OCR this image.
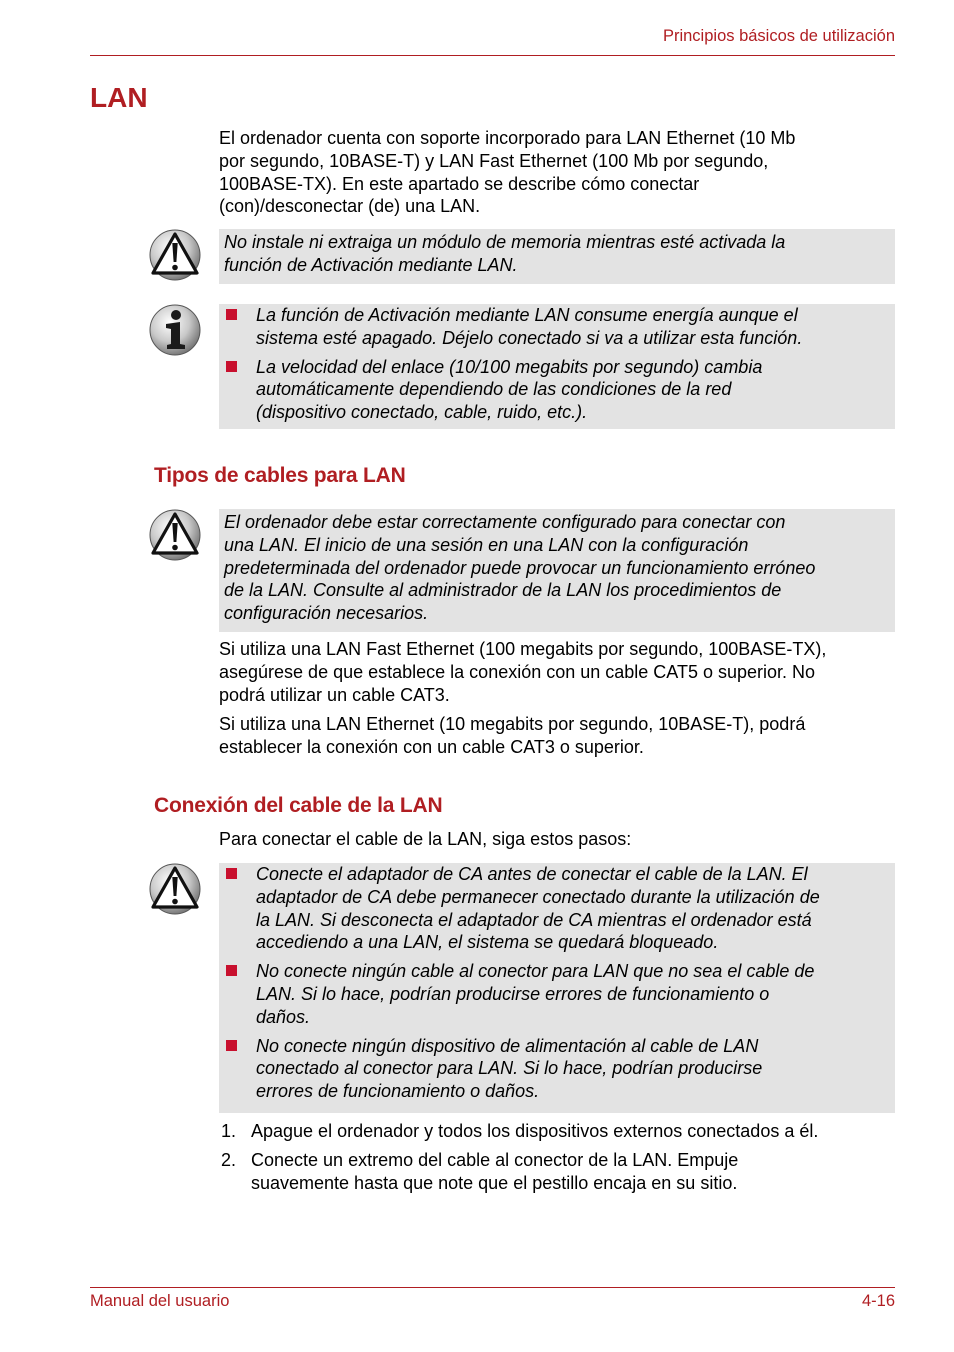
Principios básicos de utilización
LAN

El ordenador cuenta con soporte incorporado para LAN Ethernet (10 Mb
por segundo, 10BASE-T) y LAN Fast Ethernet (100 Mb por segundo,
100BASE-TX). En este apartado se describe cómo conectar
(con)/desconectar (de) una LAN.

No instale ni extraiga un módulo de memoria mientras esté activada la
función de Activación mediante LAN.
La función de Activación mediante LAN consume energía aunque el
sistema esté apagado. Déjelo conectado si va a utilizar esta función.
La velocidad del enlace (10/100 megabits por segundo) cambia
automáticamente dependiendo de las condiciones de la red
(dispositivo conectado, cable, ruido, etc.).
Tipos de cables para LAN
El ordenador debe estar correctamente configurado para conectar con
una LAN. El inicio de una sesión en una LAN con la configuración
predeterminada del ordenador puede provocar un funcionamiento erróneo
de la LAN. Consulte al administrador de la LAN los procedimientos de
configuración necesarios.

Si utiliza una LAN Fast Ethernet (100 megabits por segundo, 100BASE-TX),
asegúrese de que establece la conexión con un cable CAT5 o superior. No
podrá utilizar un cable CAT3.

Si utiliza una LAN Ethernet (10 megabits por segundo, 10BASE-T), podrá
establecer la conexión con un cable CAT3 o superior.

Conexión del cable de la LAN

Para conectar el cable de la LAN, siga estos pasos:

Conecte el adaptador de CA antes de conectar el cable de la LAN. El
adaptador de CA debe permanecer conectado durante la utilización de
la LAN. Si desconecta el adaptador de CA mientras el ordenador está
accediendo a una LAN, el sistema se quedará bloqueado.
No conecte ningún cable al conector para LAN que no sea el cable de
LAN. Si lo hace, podrían producirse errores de funcionamiento o
daños.
No conecte ningún dispositivo de alimentación al cable de LAN
conectado al conector para LAN. Si lo hace, podrían producirse
errores de funcionamiento o daños.
1. Apague el ordenador y todos los dispositivos externos conectados a él.
2. Conecte un extremo del cable al conector de la LAN. Empuje
suavemente hasta que note que el pestillo encaja en su sitio.
Manual del usuario	4-16
